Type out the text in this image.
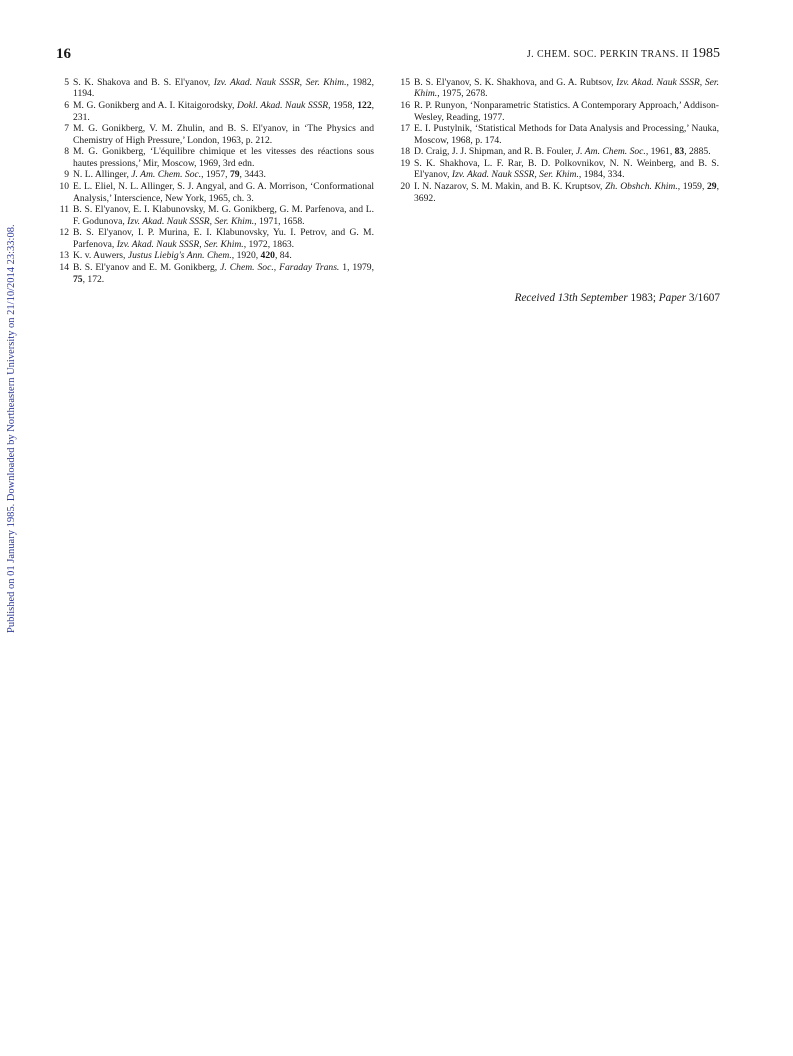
16	J. CHEM. SOC. PERKIN TRANS. II 1985
5 S. K. Shakova and B. S. El'yanov, Izv. Akad. Nauk SSSR, Ser. Khim., 1982, 1194.
6 M. G. Gonikberg and A. I. Kitaigorodsky, Dokl. Akad. Nauk SSSR, 1958, 122, 231.
7 M. G. Gonikberg, V. M. Zhulin, and B. S. El'yanov, in ‘The Physics and Chemistry of High Pressure,’ London, 1963, p. 212.
8 M. G. Gonikberg, ‘L'équilibre chimique et les vitesses des réactions sous hautes pressions,’ Mir, Moscow, 1969, 3rd edn.
9 N. L. Allinger, J. Am. Chem. Soc., 1957, 79, 3443.
10 E. L. Eliel, N. L. Allinger, S. J. Angyal, and G. A. Morrison, ‘Conformational Analysis,’ Interscience, New York, 1965, ch. 3.
11 B. S. El'yanov, E. I. Klabunovsky, M. G. Gonikberg, G. M. Parfenova, and L. F. Godunova, Izv. Akad. Nauk SSSR, Ser. Khim., 1971, 1658.
12 B. S. El'yanov, I. P. Murina, E. I. Klabunovsky, Yu. I. Petrov, and G. M. Parfenova, Izv. Akad. Nauk SSSR, Ser. Khim., 1972, 1863.
13 K. v. Auwers, Justus Liebig's Ann. Chem., 1920, 420, 84.
14 B. S. El'yanov and E. M. Gonikberg, J. Chem. Soc., Faraday Trans. 1, 1979, 75, 172.
15 B. S. El'yanov, S. K. Shakhova, and G. A. Rubtsov, Izv. Akad. Nauk SSSR, Ser. Khim., 1975, 2678.
16 R. P. Runyon, ‘Nonparametric Statistics. A Contemporary Approach,’ Addison-Wesley, Reading, 1977.
17 E. I. Pustylnik, ‘Statistical Methods for Data Analysis and Processing,’ Nauka, Moscow, 1968, p. 174.
18 D. Craig, J. J. Shipman, and R. B. Fouler, J. Am. Chem. Soc., 1961, 83, 2885.
19 S. K. Shakhova, L. F. Rar, B. D. Polkovnikov, N. N. Weinberg, and B. S. El'yanov, Izv. Akad. Nauk SSSR, Ser. Khim., 1984, 334.
20 I. N. Nazarov, S. M. Makin, and B. K. Kruptsov, Zh. Obshch. Khim., 1959, 29, 3692.
Received 13th September 1983; Paper 3/1607
Published on 01 January 1985. Downloaded by Northeastern University on 21/10/2014 23:33:08.
